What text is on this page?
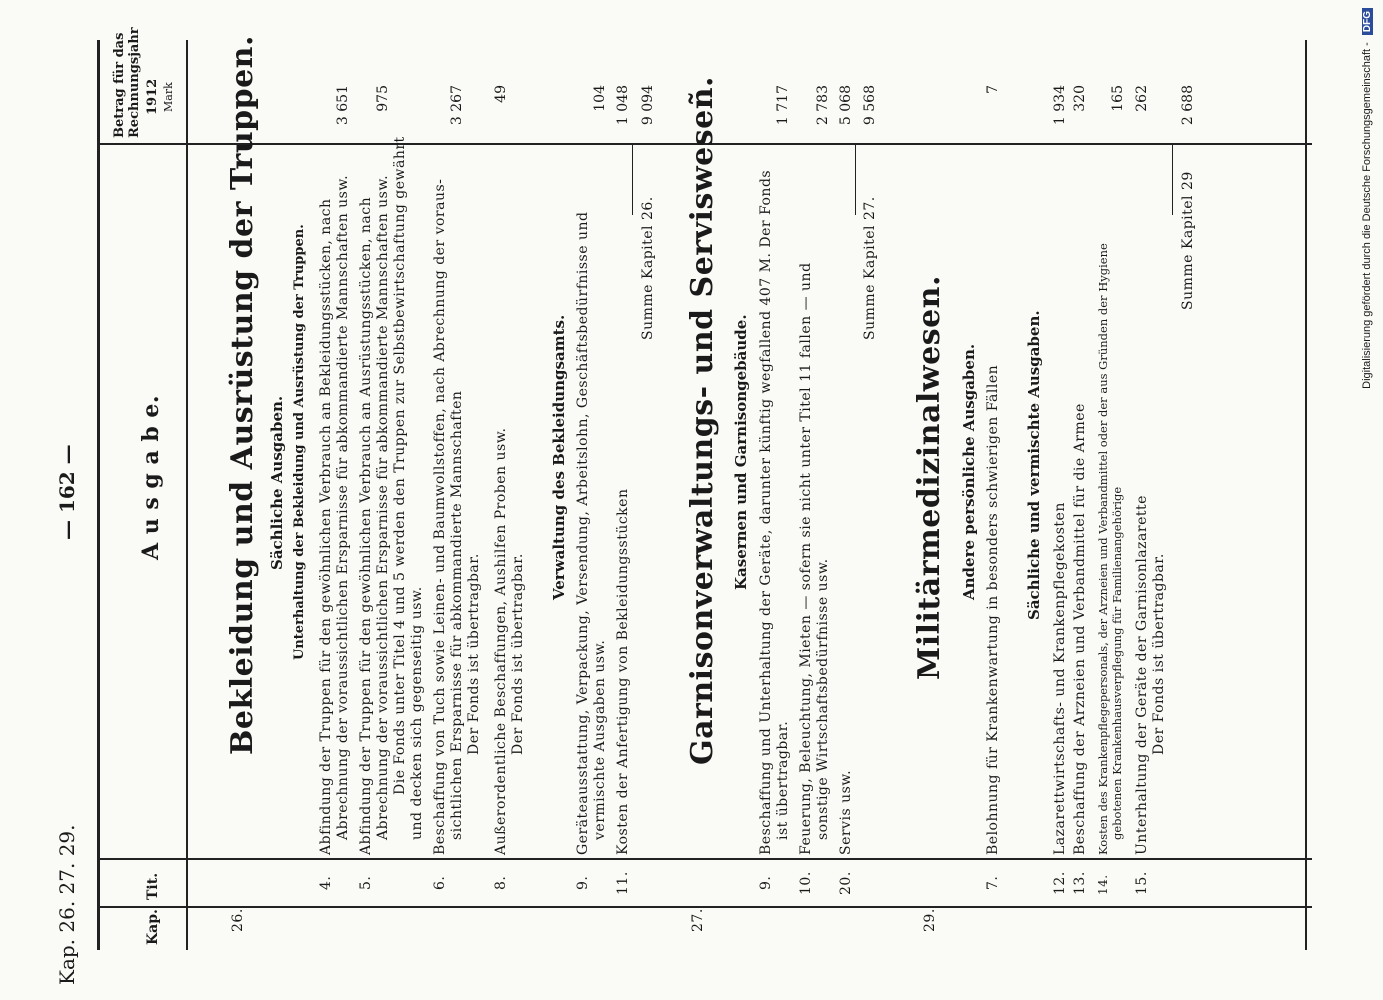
Kap. 26. 27. 29.
— 162 —
Kap.
Tit.
A u s g a b e.
Betrag für das Rechnungsjahr 1912 Mark
26.
Bekleidung und Ausrüstung der Truppen. Sächliche Ausgaben. Unterhaltung der Bekleidung und Ausrüstung der Truppen.
4.
Abfindung der Truppen für den gewöhnlichen Verbrauch an Bekleidungsstücken, nach Abrechnung der voraussichtlichen Ersparnisse für abkommandierte Mannschaften usw.
3 651
5.
Abfindung der Truppen für den gewöhnlichen Verbrauch an Ausrüstungsstücken, nach Abrechnung der voraussichtlichen Ersparnisse für abkommandierte Mannschaften usw. Die Fonds unter Titel 4 und 5 werden den Truppen zur Selbstbewirtschaftung gewährt und decken sich gegenseitig usw.
975
6.
Beschaffung von Tuch sowie Leinen- und Baumwollstoffen, nach Abrechnung der voraus- sichtlichen Ersparnisse für abkommandierte Mannschaften Der Fonds ist übertragbar.
3 267
8.
Außerordentliche Beschaffungen, Aushilfen Proben usw. Der Fonds ist übertragbar.
49
Verwaltung des Bekleidungsamts.
9.
Geräteausstattung, Verpackung, Versendung, Arbeitslohn, Geschäftsbedürfnisse und vermischte Ausgaben usw.
104
11.
Kosten der Anfertigung von Bekleidungsstücken
1 048
Summe Kapitel 26.
9 094
27.
Garnisonverwaltungs- und Servisweseñ. Kasernen und Garnisongebäude.
9.
Beschaffung und Unterhaltung der Geräte, darunter künftig wegfallend 407 M. Der Fonds ist übertragbar.
1 717
10.
Feuerung, Beleuchtung, Mieten — sofern sie nicht unter Titel 11 fallen — und sonstige Wirtschaftsbedürfnisse usw.
2 783
20.
Servis usw.
5 068
Summe Kapitel 27.
9 568
29.
Militärmedizinalwesen. Andere persönliche Ausgaben.
7.
Belohnung für Krankenwartung in besonders schwierigen Fällen
7
Sächliche und vermischte Ausgaben.
12.
Lazarettwirtschafts- und Krankenpflegekosten
1 934
13.
Beschaffung der Arzneien und Verbandmittel für die Armee
320
14.
Kosten des Krankenpflegepersonals, der Arzneien und Verbandmittel oder der aus Gründen der Hygiene gebotenen Krankenhausverpflegung für Familienangehörige
165
15.
Unterhaltung der Geräte der Garnisonlazarette Der Fonds ist übertragbar.
262
Summe Kapitel 29
2 688	Digitalisierung gefördert durch die Deutsche Forschungsgemeinschaft - DFG
